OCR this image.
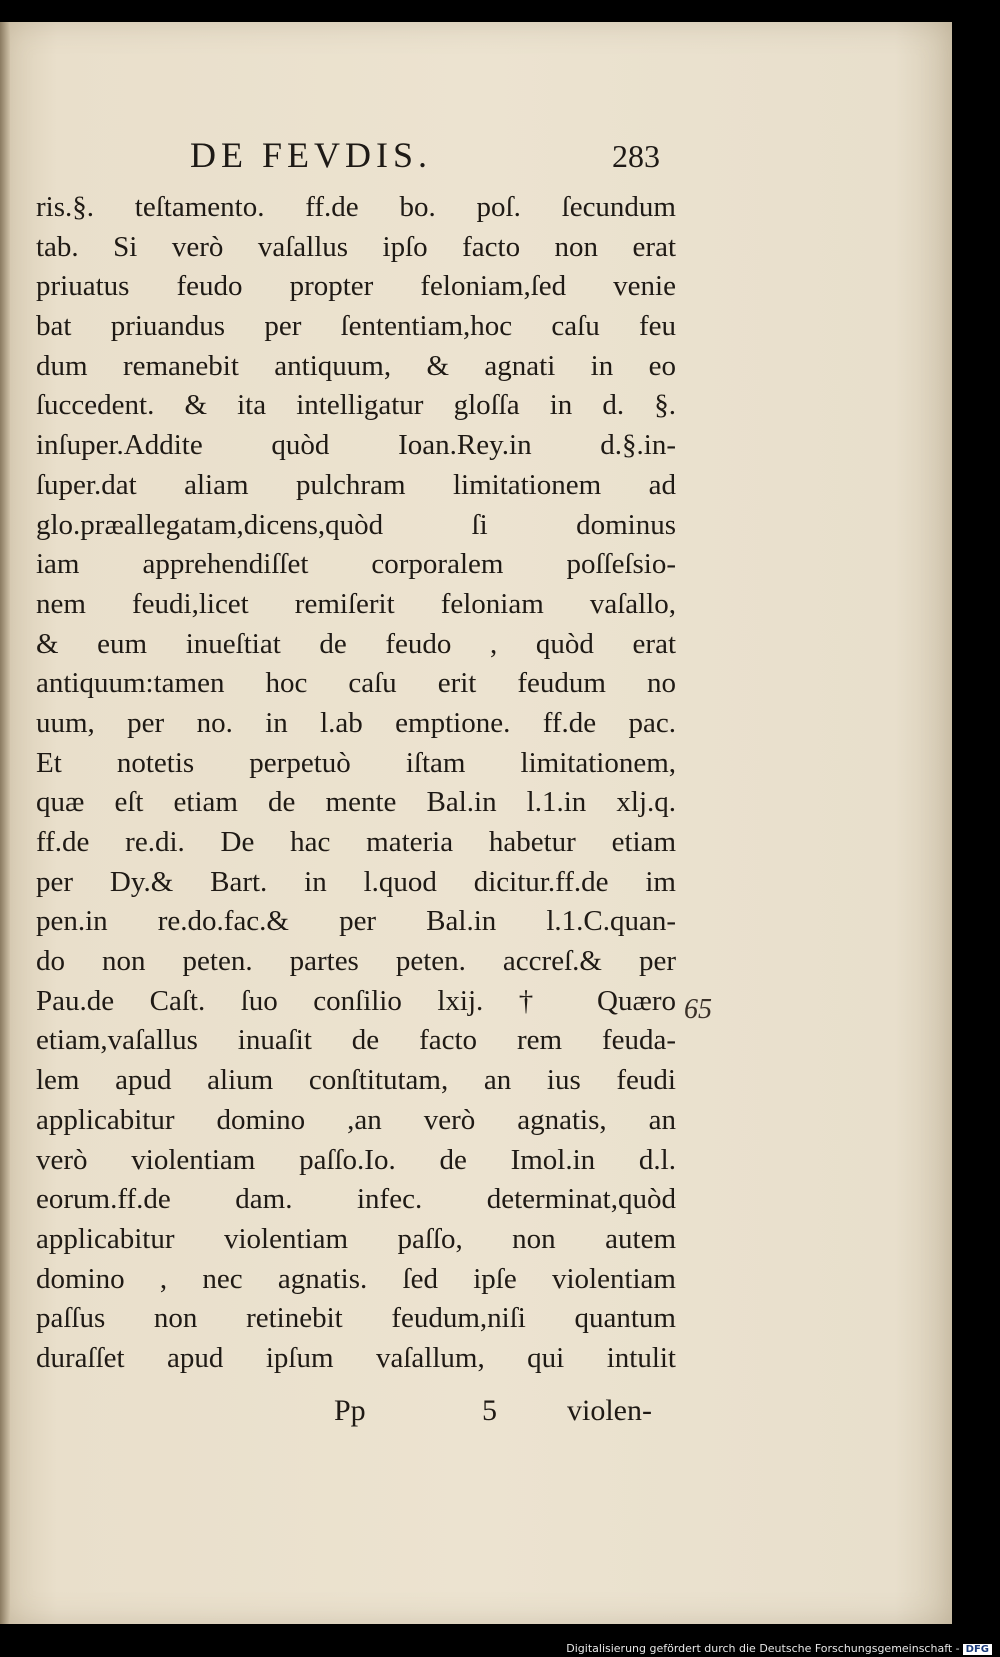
DE FEVDIS.	283
ris.§. teſtamento. ff.de bo. poſ. ſecundum
tab. Si verò vaſallus ipſo facto non erat
priuatus feudo propter feloniam,ſed venie
bat priuandus per ſententiam,hoc caſu feu
dum remanebit antiquum, & agnati in eo
ſuccedent. & ita intelligatur gloſſa in d. §.
inſuper.Addite quòd Ioan.Rey.in d.§.in-
ſuper.dat aliam pulchram limitationem ad
glo.præallegatam,dicens,quòd ſi dominus
iam apprehendiſſet corporalem poſſeſsio-
nem feudi,licet remiſerit feloniam vaſallo,
& eum inueſtiat de feudo , quòd erat
antiquum:tamen hoc caſu erit feudum no
uum, per no. in l.ab emptione. ff.de pac.
Et notetis perpetuò iſtam limitationem,
quæ eſt etiam de mente Bal.in l.1.in xlj.q.
ff.de re.di. De hac materia habetur etiam
per Dy.& Bart. in l.quod dicitur.ff.de im
pen.in re.do.fac.& per Bal.in l.1.C.quan-
do non peten. partes peten. accreſ.& per
Pau.de Caſt. ſuo conſilio lxij. † Quæro
etiam,vaſallus inuaſit de facto rem feuda-
lem apud alium conſtitutam, an ius feudi
applicabitur domino ,an verò agnatis, an
verò violentiam paſſo.Io. de Imol.in d.l.
eorum.ff.de dam. infec. determinat,quòd
applicabitur violentiam paſſo, non autem
domino , nec agnatis. ſed ipſe violentiam
paſſus non retinebit feudum,niſi quantum
duraſſet apud ipſum vaſallum, qui intulit
65
Pp	5 violen-
Digitalisierung gefördert durch die Deutsche Forschungsgemeinschaft - DFG
